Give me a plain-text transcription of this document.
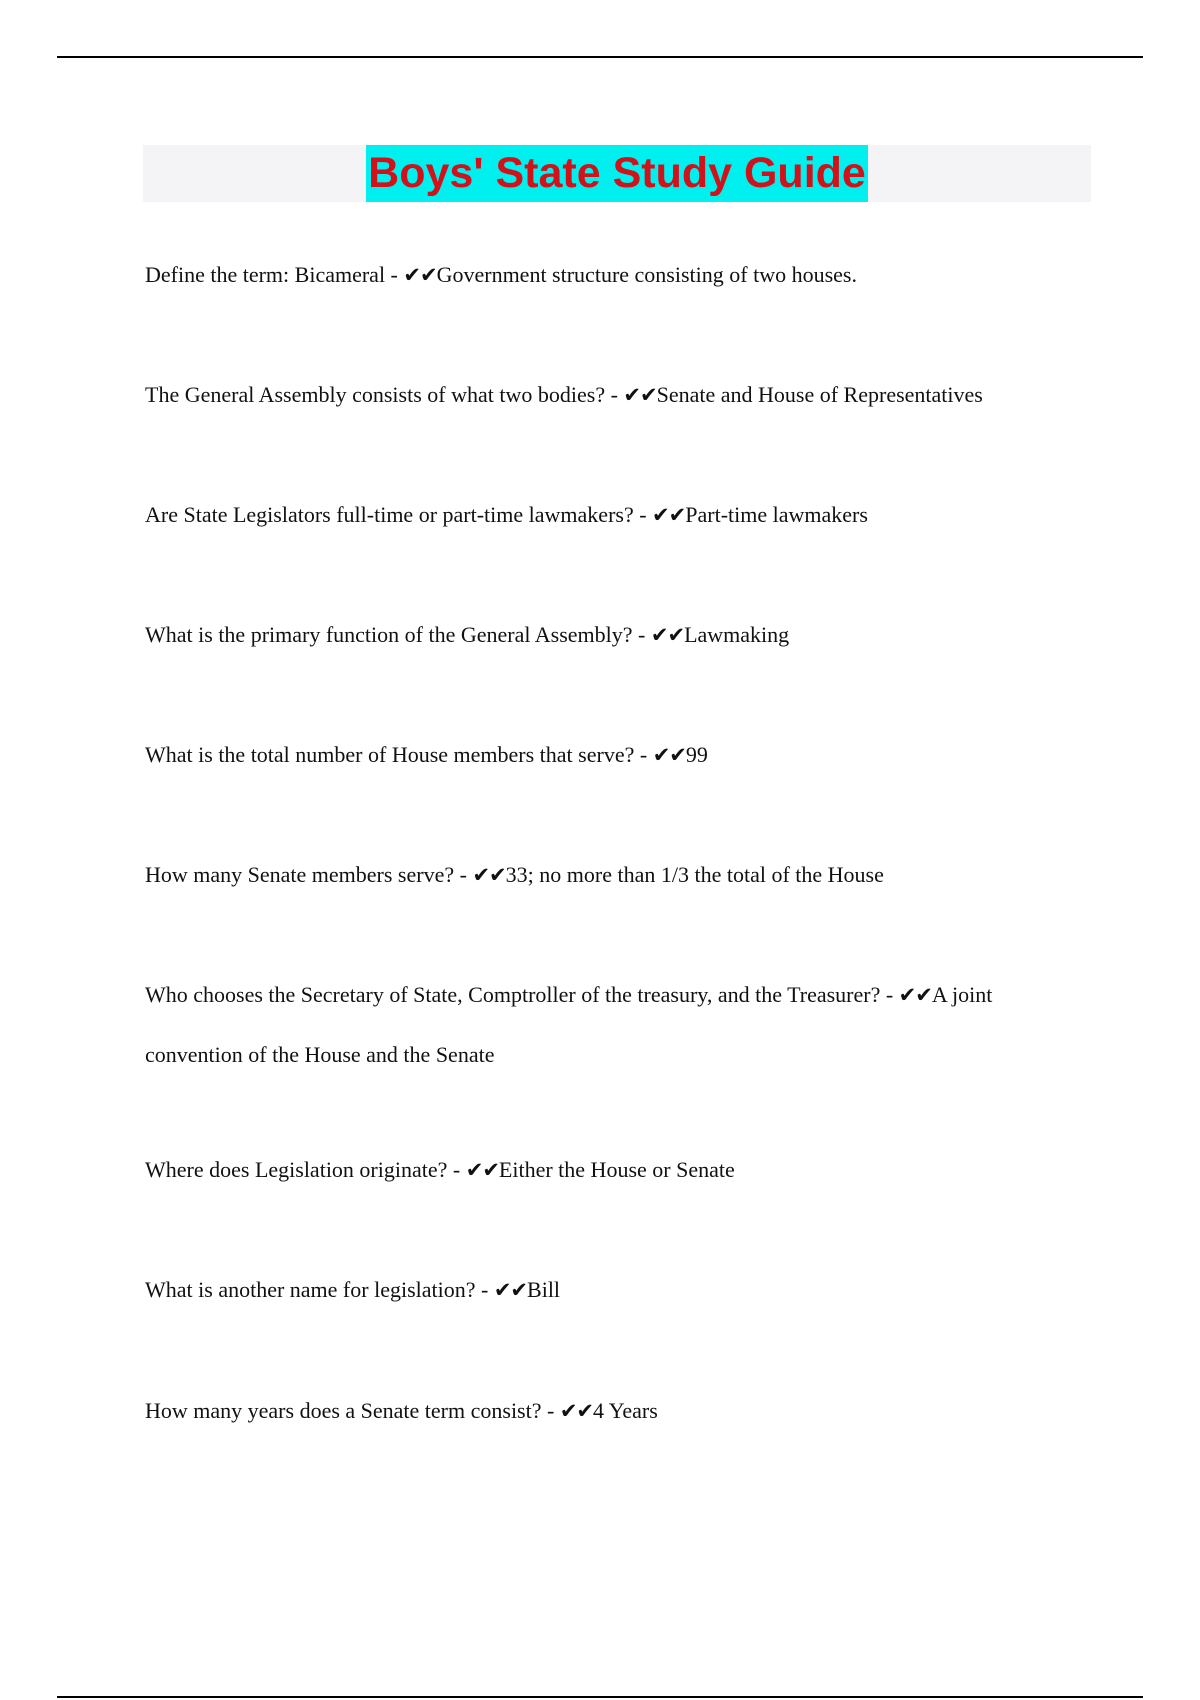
Boys' State Study Guide

Define the term: Bicameral - ✔✔Government structure consisting of two houses.

The General Assembly consists of what two bodies? - ✔✔Senate and House of Representatives

Are State Legislators full-time or part-time lawmakers? - ✔✔Part-time lawmakers

What is the primary function of the General Assembly? - ✔✔Lawmaking

What is the total number of House members that serve? - ✔✔99

How many Senate members serve? - ✔✔33; no more than 1/3 the total of the House

Who chooses the Secretary of State, Comptroller of the treasury, and the Treasurer? - ✔✔A joint convention of the House and the Senate

Where does Legislation originate? - ✔✔Either the House or Senate

What is another name for legislation? - ✔✔Bill

How many years does a Senate term consist? - ✔✔4 Years
